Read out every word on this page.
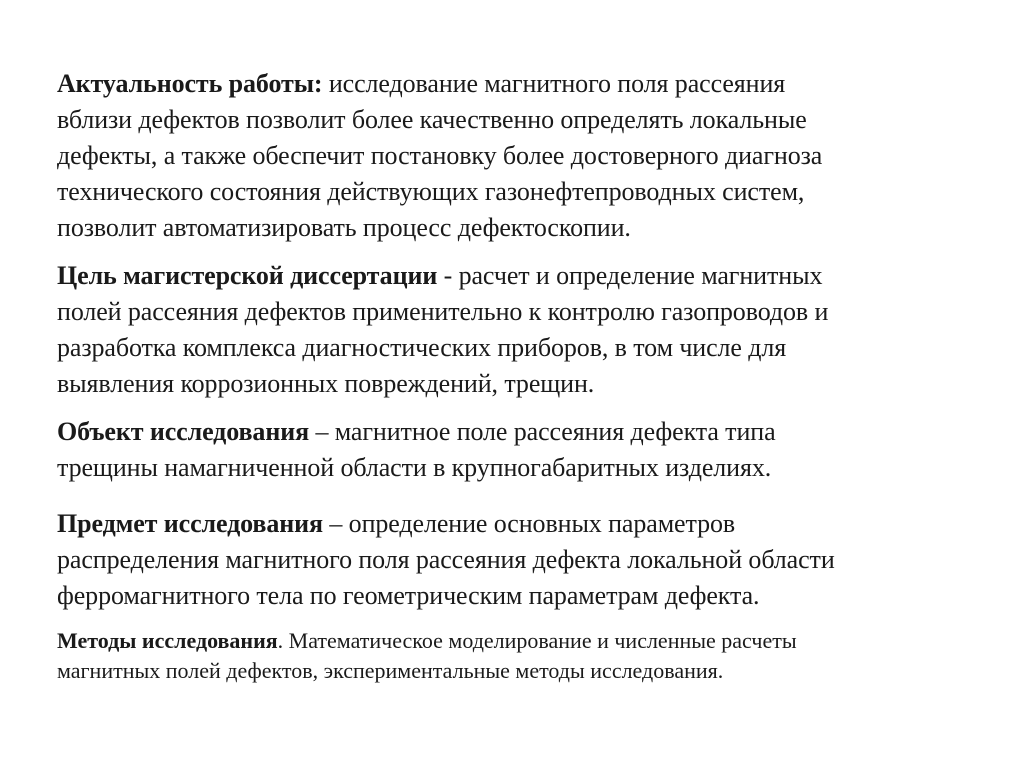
Актуальность работы: исследование магнитного поля рассеяния
вблизи дефектов позволит более качественно определять локальные
дефекты, а также обеспечит постановку более достоверного диагноза
технического состояния действующих газонефтепроводных систем,
позволит автоматизировать процесс дефектоскопии.

Цель магистерской диссертации - расчет и определение магнитных
полей рассеяния дефектов применительно к контролю газопроводов и
разработка комплекса диагностических приборов, в том числе для
выявления коррозионных повреждений, трещин.

Объект исследования – магнитное поле рассеяния дефекта типа
трещины намагниченной области в крупногабаритных изделиях.

Предмет исследования – определение основных параметров
распределения магнитного поля рассеяния дефекта локальной области
ферромагнитного тела по геометрическим параметрам дефекта.

Методы исследования. Математическое моделирование и численные расчеты
магнитных полей дефектов, экспериментальные методы исследования.
